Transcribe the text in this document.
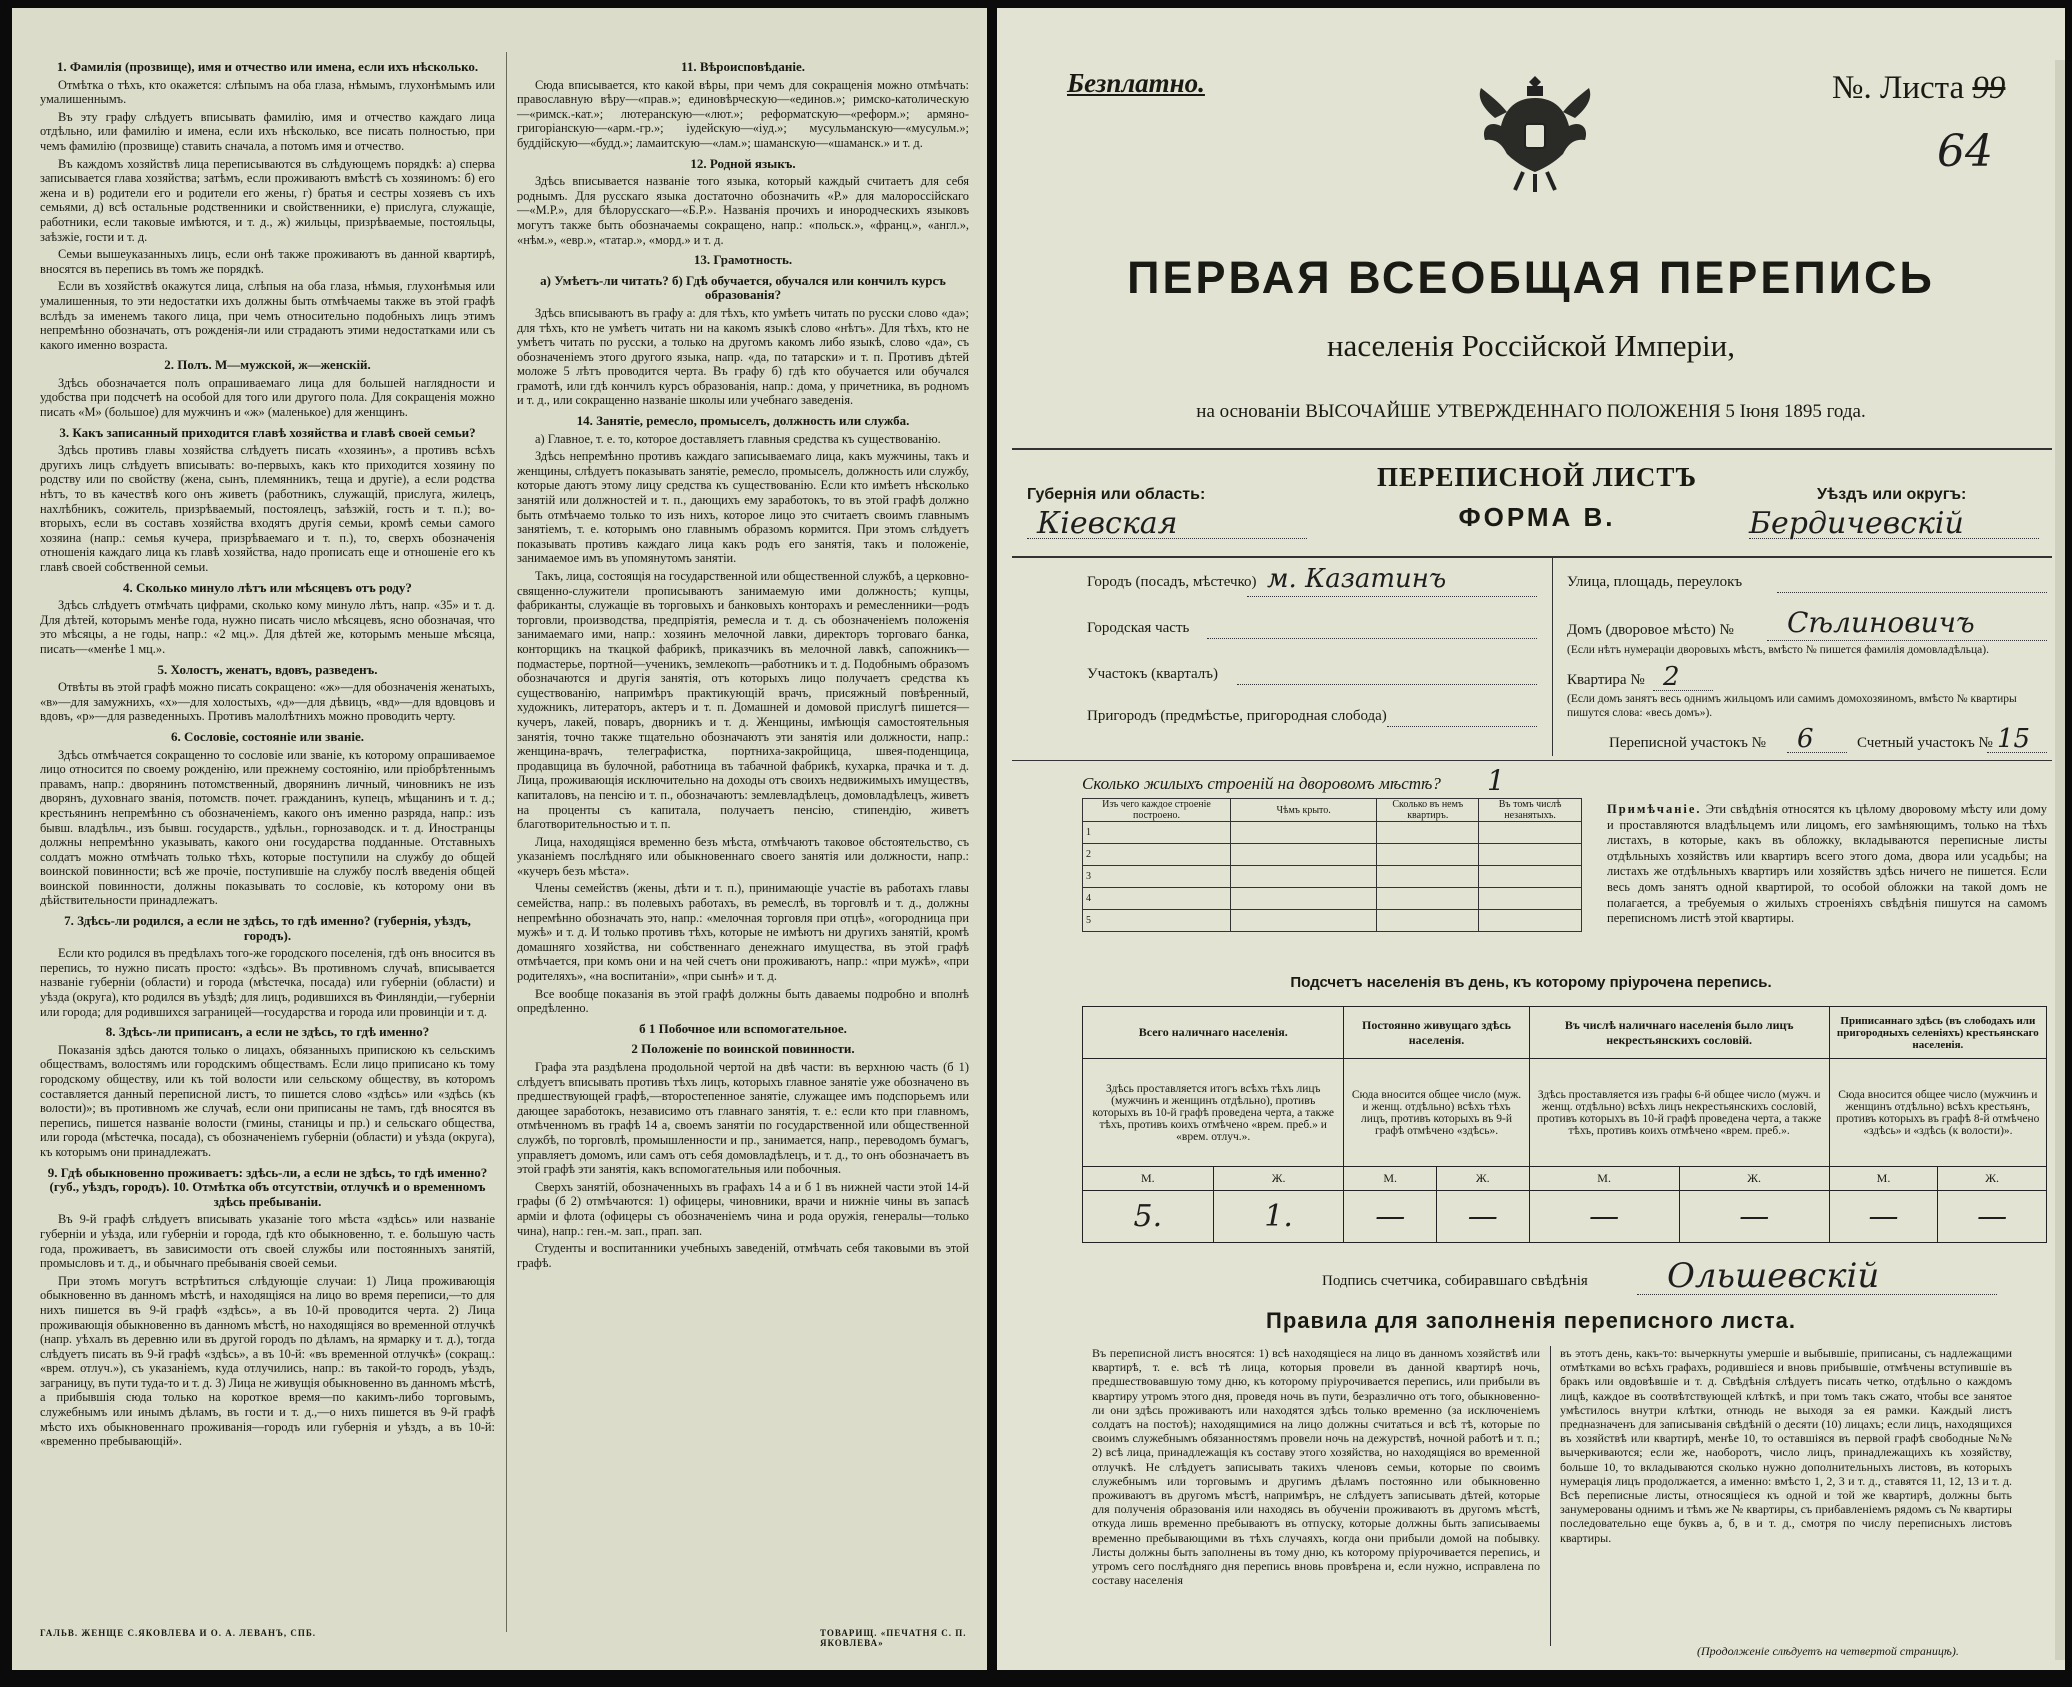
1. Фамилія (прозвище), имя и отчество или имена, если ихъ нѣсколько.

Отмѣтка о тѣхъ, кто окажется: слѣпымъ на оба глаза, нѣмымъ, глухонѣмымъ или умалишеннымъ.

Въ эту графу слѣдуетъ вписывать фамилію, имя и отчество каждаго лица отдѣльно, или фамилію и имена, если ихъ нѣсколько, все писать полностью, при чемъ фамилію (прозвище) ставить сначала, а потомъ имя и отчество.

Въ каждомъ хозяйствѣ лица переписываются въ слѣдующемъ порядкѣ: а) сперва записывается глава хозяйства; затѣмъ, если проживаютъ вмѣстѣ съ хозяиномъ: б) его жена и в) родители его и родители его жены, г) братья и сестры хозяевъ съ ихъ семьями, д) всѣ остальные родственники и свойственники, е) прислуга, служащіе, работники, если таковые имѣются, и т. д., ж) жильцы, призрѣваемые, постояльцы, заѣзжіе, гости и т. д.

Семьи вышеуказанныхъ лицъ, если онѣ также проживаютъ въ данной квартирѣ, вносятся въ перепись въ томъ же порядкѣ.

Если въ хозяйствѣ окажутся лица, слѣпыя на оба глаза, нѣмыя, глухонѣмыя или умалишенныя, то эти недостатки ихъ должны быть отмѣчаемы также въ этой графѣ вслѣдъ за именемъ такого лица, при чемъ относительно подобныхъ лицъ этимъ непремѣнно обозначать, отъ рожденія-ли или страдаютъ этими недостатками или съ какого именно возраста.

2. Полъ. М—мужской, ж—женскій.

Здѣсь обозначается полъ опрашиваемаго лица для большей наглядности и удобства при подсчетѣ на особой для того или другого пола. Для сокращенія можно писать «М» (большое) для мужчинъ и «ж» (маленькое) для женщинъ.

3. Какъ записанный приходится главѣ хозяйства и главѣ своей семьи?

Здѣсь противъ главы хозяйства слѣдуетъ писать «хозяинъ», а противъ всѣхъ другихъ лицъ слѣдуетъ вписывать: во-первыхъ, какъ кто приходится хозяину по родству или по свойству (жена, сынъ, племянникъ, теща и другіе), а если родства нѣтъ, то въ качествѣ кого онъ живетъ (работникъ, служащій, прислуга, жилецъ, нахлѣбникъ, сожитель, призрѣваемый, постоялецъ, заѣзжій, гость и т. п.); во-вторыхъ, если въ составъ хозяйства входятъ другія семьи, кромѣ семьи самого хозяина (напр.: семья кучера, призрѣваемаго и т. п.), то, сверхъ обозначенія отношенія каждаго лица къ главѣ хозяйства, надо прописать еще и отношеніе его къ главѣ своей собственной семьи.

4. Сколько минуло лѣтъ или мѣсяцевъ отъ роду?

Здѣсь слѣдуетъ отмѣчать цифрами, сколько кому минуло лѣтъ, напр. «35» и т. д. Для дѣтей, которымъ менѣе года, нужно писать число мѣсяцевъ, ясно обозначая, что это мѣсяцы, а не годы, напр.: «2 мц.». Для дѣтей же, которымъ меньше мѣсяца, писать—«менѣе 1 мц.».

5. Холостъ, женатъ, вдовъ, разведенъ.

Отвѣты въ этой графѣ можно писать сокращено: «ж»—для обозначенія женатыхъ, «в»—для замужнихъ, «х»—для холостыхъ, «д»—для дѣвицъ, «вд»—для вдовцовъ и вдовъ, «р»—для разведенныхъ. Противъ малолѣтнихъ можно проводить черту.

6. Сословіе, состояніе или званіе.

Здѣсь отмѣчается сокращенно то сословіе или званіе, къ которому опрашиваемое лицо относится по своему рожденію, или прежнему состоянію, или пріобрѣтеннымъ правамъ, напр.: дворянинъ потомственный, дворянинъ личный, чиновникъ не изъ дворянъ, духовнаго званія, потомств. почет. гражданинъ, купецъ, мѣщанинъ и т. д.; крестьянинъ непремѣнно съ обозначеніемъ, какого онъ именно разряда, напр.: изъ бывш. владѣльч., изъ бывш. государств., удѣльн., горнозаводск. и т. д. Иностранцы должны непремѣнно указывать, какого они государства подданные. Отставныхъ солдатъ можно отмѣчать только тѣхъ, которые поступили на службу до общей воинской повинности; всѣ же прочіе, поступившіе на службу послѣ введенія общей воинской повинности, должны показывать то сословіе, къ которому они въ дѣйствительности принадлежатъ.

7. Здѣсь-ли родился, а если не здѣсь, то гдѣ именно? (губернія, уѣздъ, городъ).

Если кто родился въ предѣлахъ того-же городского поселенія, гдѣ онъ вносится въ перепись, то нужно писать просто: «здѣсь». Въ противномъ случаѣ, вписывается названіе губерніи (области) и города (мѣстечка, посада) или губерніи (области) и уѣзда (округа), кто родился въ уѣздѣ; для лицъ, родившихся въ Финляндіи,—губерніи или города; для родившихся заграницей—государства и города или провинціи и т. д.

8. Здѣсь-ли приписанъ, а если не здѣсь, то гдѣ именно?

Показанія здѣсь даются только о лицахъ, обязанныхъ припискою къ сельскимъ обществамъ, волостямъ или городскимъ обществамъ. Если лицо приписано къ тому городскому обществу, или къ той волости или сельскому обществу, въ которомъ составляется данный переписной листъ, то пишется слово «здѣсь» или «здѣсь (къ волости)»; въ противномъ же случаѣ, если они приписаны не тамъ, гдѣ вносятся въ перепись, пишется названіе волости (гмины, станицы и пр.) и сельскаго общества, или города (мѣстечка, посада), съ обозначеніемъ губерніи (области) и уѣзда (округа), къ которымъ они принадлежатъ.

9. Гдѣ обыкновенно проживаетъ: здѣсь-ли, а если не здѣсь, то гдѣ именно? (губ., уѣздъ, городъ). 10. Отмѣтка объ отсутствіи, отлучкѣ и о временномъ здѣсь пребываніи.

Въ 9-й графѣ слѣдуетъ вписывать указаніе того мѣста «здѣсь» или названіе губерніи и уѣзда, или губерніи и города, гдѣ кто обыкновенно, т. е. большую часть года, проживаетъ, въ зависимости отъ своей службы или постоянныхъ занятій, промысловъ и т. д., и обычнаго пребыванія своей семьи.

При этомъ могутъ встрѣтиться слѣдующіе случаи: 1) Лица проживающія обыкновенно въ данномъ мѣстѣ, и находящіяся на лицо во время переписи,—то для нихъ пишется въ 9-й графѣ «здѣсь», а въ 10-й проводится черта. 2) Лица проживающія обыкновенно въ данномъ мѣстѣ, но находящіяся во временной отлучкѣ (напр. уѣхалъ въ деревню или въ другой городъ по дѣламъ, на ярмарку и т. д.), тогда слѣдуетъ писать въ 9-й графѣ «здѣсь», а въ 10-й: «въ временной отлучкѣ» (сокращ.: «врем. отлуч.»), съ указаніемъ, куда отлучились, напр.: въ такой-то городъ, уѣздъ, заграницу, въ пути туда-то и т. д. 3) Лица не живущія обыкновенно въ данномъ мѣстѣ, а прибывшія сюда только на короткое время—по какимъ-либо торговымъ, служебнымъ или инымъ дѣламъ, въ гости и т. д.,—о нихъ пишется въ 9-й графѣ мѣсто ихъ обыкновеннаго проживанія—городъ или губернія и уѣздъ, а въ 10-й: «временно пребывающій».

11. Вѣроисповѣданіе.

Сюда вписывается, кто какой вѣры, при чемъ для сокращенія можно отмѣчать: православную вѣру—«прав.»; единовѣрческую—«единов.»; римско-католическую—«римск.-кат.»; лютеранскую—«лют.»; реформатскую—«реформ.»; армяно-григоріанскую—«арм.-гр.»; іудейскую—«іуд.»; мусульманскую—«мусульм.»; буддійскую—«будд.»; ламаитскую—«лам.»; шаманскую—«шаманск.» и т. д.

12. Родной языкъ.

Здѣсь вписывается названіе того языка, который каждый считаетъ для себя роднымъ. Для русскаго языка достаточно обозначить «Р.» для малороссійскаго—«М.Р.», для бѣлорусскаго—«Б.Р.». Названія прочихъ и инородческихъ языковъ могутъ также быть обозначаемы сокращено, напр.: «польск.», «франц.», «англ.», «нѣм.», «евр.», «татар.», «морд.» и т. д.

13. Грамотность.
а) Умѣетъ-ли читать? б) Гдѣ обучается, обучался или кончилъ курсъ образованія?

Здѣсь вписываютъ въ графу а: для тѣхъ, кто умѣетъ читать по русски слово «да»; для тѣхъ, кто не умѣетъ читать ни на какомъ языкѣ слово «нѣтъ». Для тѣхъ, кто не умѣетъ читать по русски, а только на другомъ какомъ либо языкѣ, слово «да», съ обозначеніемъ этого другого языка, напр. «да, по татарски» и т. п. Противъ дѣтей моложе 5 лѣтъ проводится черта. Въ графу б) гдѣ кто обучается или обучался грамотѣ, или гдѣ кончилъ курсъ образованія, напр.: дома, у причетника, въ родномъ и т. д., или сокращенно названіе школы или учебнаго заведенія.

14. Занятіе, ремесло, промыселъ, должность или служба.

а) Главное, т. е. то, которое доставляетъ главныя средства къ существованію.

Здѣсь непремѣнно противъ каждаго записываемаго лица, какъ мужчины, такъ и женщины, слѣдуетъ показывать занятіе, ремесло, промыселъ, должность или службу, которые даютъ этому лицу средства къ существованію. Если кто имѣетъ нѣсколько занятій или должностей и т. п., дающихъ ему заработокъ, то въ этой графѣ должно быть отмѣчаемо только то изъ нихъ, которое лицо это считаетъ своимъ главнымъ занятіемъ, т. е. которымъ оно главнымъ образомъ кормится. При этомъ слѣдуетъ показывать противъ каждаго лица какъ родъ его занятія, такъ и положеніе, занимаемое имъ въ упомянутомъ занятіи.

Такъ, лица, состоящія на государственной или общественной службѣ, а церковно-священно-служители прописываютъ занимаемую ими должность; купцы, фабриканты, служащіе въ торговыхъ и банковыхъ конторахъ и ремесленники—родъ торговли, производства, предпріятія, ремесла и т. д. съ обозначеніемъ положенія занимаемаго ими, напр.: хозяинъ мелочной лавки, директоръ торговаго банка, конторщикъ на ткацкой фабрикѣ, приказчикъ въ мелочной лавкѣ, сапожникъ—подмастерье, портной—ученикъ, землекопъ—работникъ и т. д. Подобнымъ образомъ обозначаются и другія занятія, отъ которыхъ лицо получаетъ средства къ существованію, напримѣръ практикующій врачъ, присяжный повѣренный, художникъ, литераторъ, актеръ и т. п. Домашней и домовой прислугѣ пишется—кучеръ, лакей, поваръ, дворникъ и т. д. Женщины, имѣющія самостоятельныя занятія, точно также тщательно обозначаютъ эти занятія или должности, напр.: женщина-врачъ, телеграфистка, портниха-закройщица, швея-поденщица, продавщица въ булочной, работница въ табачной фабрикѣ, кухарка, прачка и т. д. Лица, проживающія исключительно на доходы отъ своихъ недвижимыхъ имуществъ, капиталовъ, на пенсію и т. п., обозначаютъ: землевладѣлецъ, домовладѣлецъ, живетъ на проценты съ капитала, получаетъ пенсію, стипендію, живетъ благотворительностью и т. п.

Лица, находящіяся временно безъ мѣста, отмѣчаютъ таковое обстоятельство, съ указаніемъ послѣдняго или обыкновеннаго своего занятія или должности, напр.: «кучеръ безъ мѣста».

Члены семействъ (жены, дѣти и т. п.), принимающіе участіе въ работахъ главы семейства, напр.: въ полевыхъ работахъ, въ ремеслѣ, въ торговлѣ и т. д., должны непремѣнно обозначать это, напр.: «мелочная торговля при отцѣ», «огородница при мужѣ» и т. д. И только противъ тѣхъ, которые не имѣютъ ни другихъ занятій, кромѣ домашняго хозяйства, ни собственнаго денежнаго имущества, въ этой графѣ отмѣчается, при комъ они и на чей счетъ они проживаютъ, напр.: «при мужѣ», «при родителяхъ», «на воспитаніи», «при сынѣ» и т. д.

Все вообще показанія въ этой графѣ должны быть даваемы подробно и вполнѣ опредѣленно.

б 1 Побочное или вспомогательное.
2 Положеніе по воинской повинности.

Графа эта раздѣлена продольной чертой на двѣ части: въ верхнюю часть (б 1) слѣдуетъ вписывать противъ тѣхъ лицъ, которыхъ главное занятіе уже обозначено въ предшествующей графѣ,—второстепенное занятіе, служащее имъ подспорьемъ или дающее заработокъ, независимо отъ главнаго занятія, т. е.: если кто при главномъ, отмѣченномъ въ графѣ 14 а, своемъ занятіи по государственной или общественной службѣ, по торговлѣ, промышленности и пр., занимается, напр., переводомъ бумагъ, управляетъ домомъ, или самъ отъ себя домовладѣлецъ, и т. д., то онъ обозначаетъ въ этой графѣ эти занятія, какъ вспомогательныя или побочныя.

Сверхъ занятій, обозначенныхъ въ графахъ 14 а и б 1 въ нижней части этой 14-й графы (б 2) отмѣчаются: 1) офицеры, чиновники, врачи и нижніе чины въ запасѣ арміи и флота (офицеры съ обозначеніемъ чина и рода оружія, генералы—только чина), напр.: ген.-м. зап., прап. зап.

Студенты и воспитанники учебныхъ заведеній, отмѣчать себя таковыми въ этой графѣ.

ГАЛЬВ. ЖЕНЩЕ С.ЯКОВЛЕВА И О. А. ЛЕВАНЪ, СПБ.	ТОВАРИЩ. «ПЕЧАТНЯ С. П. ЯКОВЛЕВА»
Безплатно.	№. Листа 99
64
ПЕРВАЯ ВСЕОБЩАЯ ПЕРЕПИСЬ
населенія Россійской Имперіи,
на основаніи ВЫСОЧАЙШЕ УТВЕРЖДЕННАГО ПОЛОЖЕНІЯ 5 Іюня 1895 года.
Губернія или область:
Кіевская
ПЕРЕПИСНОЙ ЛИСТЪ
ФОРМА В.
Уѣздъ или округъ:
Бердичевскій
Городъ (посадъ, мѣстечко) м. Казатинъ
Городская часть
Участокъ (кварталъ)
Пригородъ (предмѣстье, пригородная слобода)
Улица, площадь, переулокъ
Домъ (дворовое мѣсто) № Сѣлиновичъ
(Если нѣтъ нумераціи дворовыхъ мѣстъ, вмѣсто № пишется фамилія домовладѣльца).
Квартира № 2
(Если домъ занятъ весь однимъ жильцомъ или самимъ домохозяиномъ, вмѣсто № квартиры пишутся слова: «весь домъ»).
Переписной участокъ № 6	Счетный участокъ № 15
Сколько жилыхъ строеній на дворовомъ мѣстѣ? 1
Изъ чего каждое строеніе построено.	Чѣмъ крыто.	Сколько въ немъ квартиръ.	Въ томъ числѣ незанятыхъ.
1			
2			
3			
4			
5			
Примѣчаніе. Эти свѣдѣнія относятся къ цѣлому дворовому мѣсту или дому и проставляются владѣльцемъ или лицомъ, его замѣняющимъ, только на тѣхъ листахъ, в которые, какъ въ обложку, вкладываются переписные листы отдѣльныхъ хозяйствъ или квартиръ всего этого дома, двора или усадьбы; на листахъ же отдѣльныхъ квартиръ или хозяйствъ здѣсь ничего не пишется. Если весь домъ занятъ одной квартирой, то особой обложки на такой домъ не полагается, а требуемыя о жилыхъ строеніяхъ свѣдѣнія пишутся на самомъ переписномъ листѣ этой квартиры.
Подсчетъ населенія въ день, къ которому пріурочена перепись.
Всего наличнаго населенія.		Постоянно живущаго здѣсь населенія.		Въ числѣ наличнаго населенія было лицъ некрестьянскихъ сословій.		Приписаннаго здѣсь (въ слободахъ или пригородныхъ селеніяхъ) крестьянскаго населенія.	
Здѣсь проставляется итогъ всѣхъ тѣхъ лицъ (мужчинъ и женщинъ отдѣльно), противъ которыхъ въ 10-й графѣ проведена черта, а также тѣхъ, противъ коихъ отмѣчено «врем. преб.» и «врем. отлуч.».		Сюда вносится общее число (муж. и женщ. отдѣльно) всѣхъ тѣхъ лицъ, противъ которыхъ въ 9-й графѣ отмѣчено «здѣсь».		Здѣсь проставляется изъ графы 6-й общее число (мужч. и женщ. отдѣльно) всѣхъ лицъ некрестьянскихъ сословій, противъ которыхъ въ 10-й графѣ проведена черта, а также тѣхъ, противъ коихъ отмѣчено «врем. преб.».		Сюда вносится общее число (мужчинъ и женщинъ отдѣльно) всѣхъ крестьянъ, противъ которыхъ въ графѣ 8-й отмѣчено «здѣсь» и «здѣсь (к волости)».	
М.	Ж.	М.	Ж.	М.	Ж.	М.	Ж.
5.	1.	—	—	—	—	—	—
Подпись счетчика, собиравшаго свѣдѣнія Ольшевскій
Правила для заполненія переписного листа.
Въ переписной листъ вносятся: 1) всѣ находящіеся на лицо въ данномъ хозяйствѣ или квартирѣ, т. е. всѣ тѣ лица, которыя провели въ данной квартирѣ ночь, предшествовавшую тому дню, къ которому пріурочивается перепись, или прибыли въ квартиру утромъ этого дня, проведя ночь въ пути, безразлично отъ того, обыкновенно-ли они здѣсь проживаютъ или находятся здѣсь только временно (за исключеніемъ солдатъ на постоѣ); находящимися на лицо должны считаться и всѣ тѣ, которые по своимъ служебнымъ обязанностямъ провели ночь на дежурствѣ, ночной работѣ и т. п.; 2) всѣ лица, принадлежащія къ составу этого хозяйства, но находящіяся во временной отлучкѣ. Не слѣдуетъ записывать такихъ членовъ семьи, которые по своимъ служебнымъ или торговымъ и другимъ дѣламъ постоянно или обыкновенно проживаютъ въ другомъ мѣстѣ, напримѣръ, не слѣдуетъ записывать дѣтей, которые для полученія образованія или находясь въ обученіи проживаютъ въ другомъ мѣстѣ, откуда лишь временно пребываютъ въ отпуску, которые должны быть записываемы временно пребывающими въ тѣхъ случаяхъ, когда они прибыли домой на побывку. Листы должны быть заполнены въ тому дню, къ которому пріурочивается перепись, и утромъ сего послѣдняго дня перепись вновь провѣрена и, если нужно, исправлена по составу населенія
въ этотъ день, какъ-то: вычеркнуты умершіе и выбывшіе, приписаны, съ надлежащими отмѣтками во всѣхъ графахъ, родившіеся и вновь прибывшіе, отмѣчены вступившіе въ бракъ или овдовѣвшіе и т. д. Свѣдѣнія слѣдуетъ писать четко, отдѣльно о каждомъ лицѣ, каждое въ соотвѣтствующей клѣткѣ, и при томъ такъ сжато, чтобы все занятое умѣстилось внутри клѣтки, отнюдь не выходя за ея рамки. Каждый листъ предназначенъ для записыванія свѣдѣній о десяти (10) лицахъ; если лицъ, находящихся въ хозяйствѣ или квартирѣ, менѣе 10, то оставшіяся въ первой графѣ свободные №№ вычеркиваются; если же, наоборотъ, число лицъ, принадлежащихъ къ хозяйству, больше 10, то вкладываются сколько нужно дополнительныхъ листовъ, въ которыхъ нумерація лицъ продолжается, а именно: вмѣсто 1, 2, 3 и т. д., ставятся 11, 12, 13 и т. д. Всѣ переписные листы, относящіеся къ одной и той же квартирѣ, должны быть занумерованы однимъ и тѣмъ же № квартиры, съ прибавленіемъ рядомъ съ № квартиры последовательно еще буквъ а, б, в и т. д., смотря по числу переписныхъ листовъ квартиры.
(Продолженіе слѣдуетъ на четвертой страницѣ).
